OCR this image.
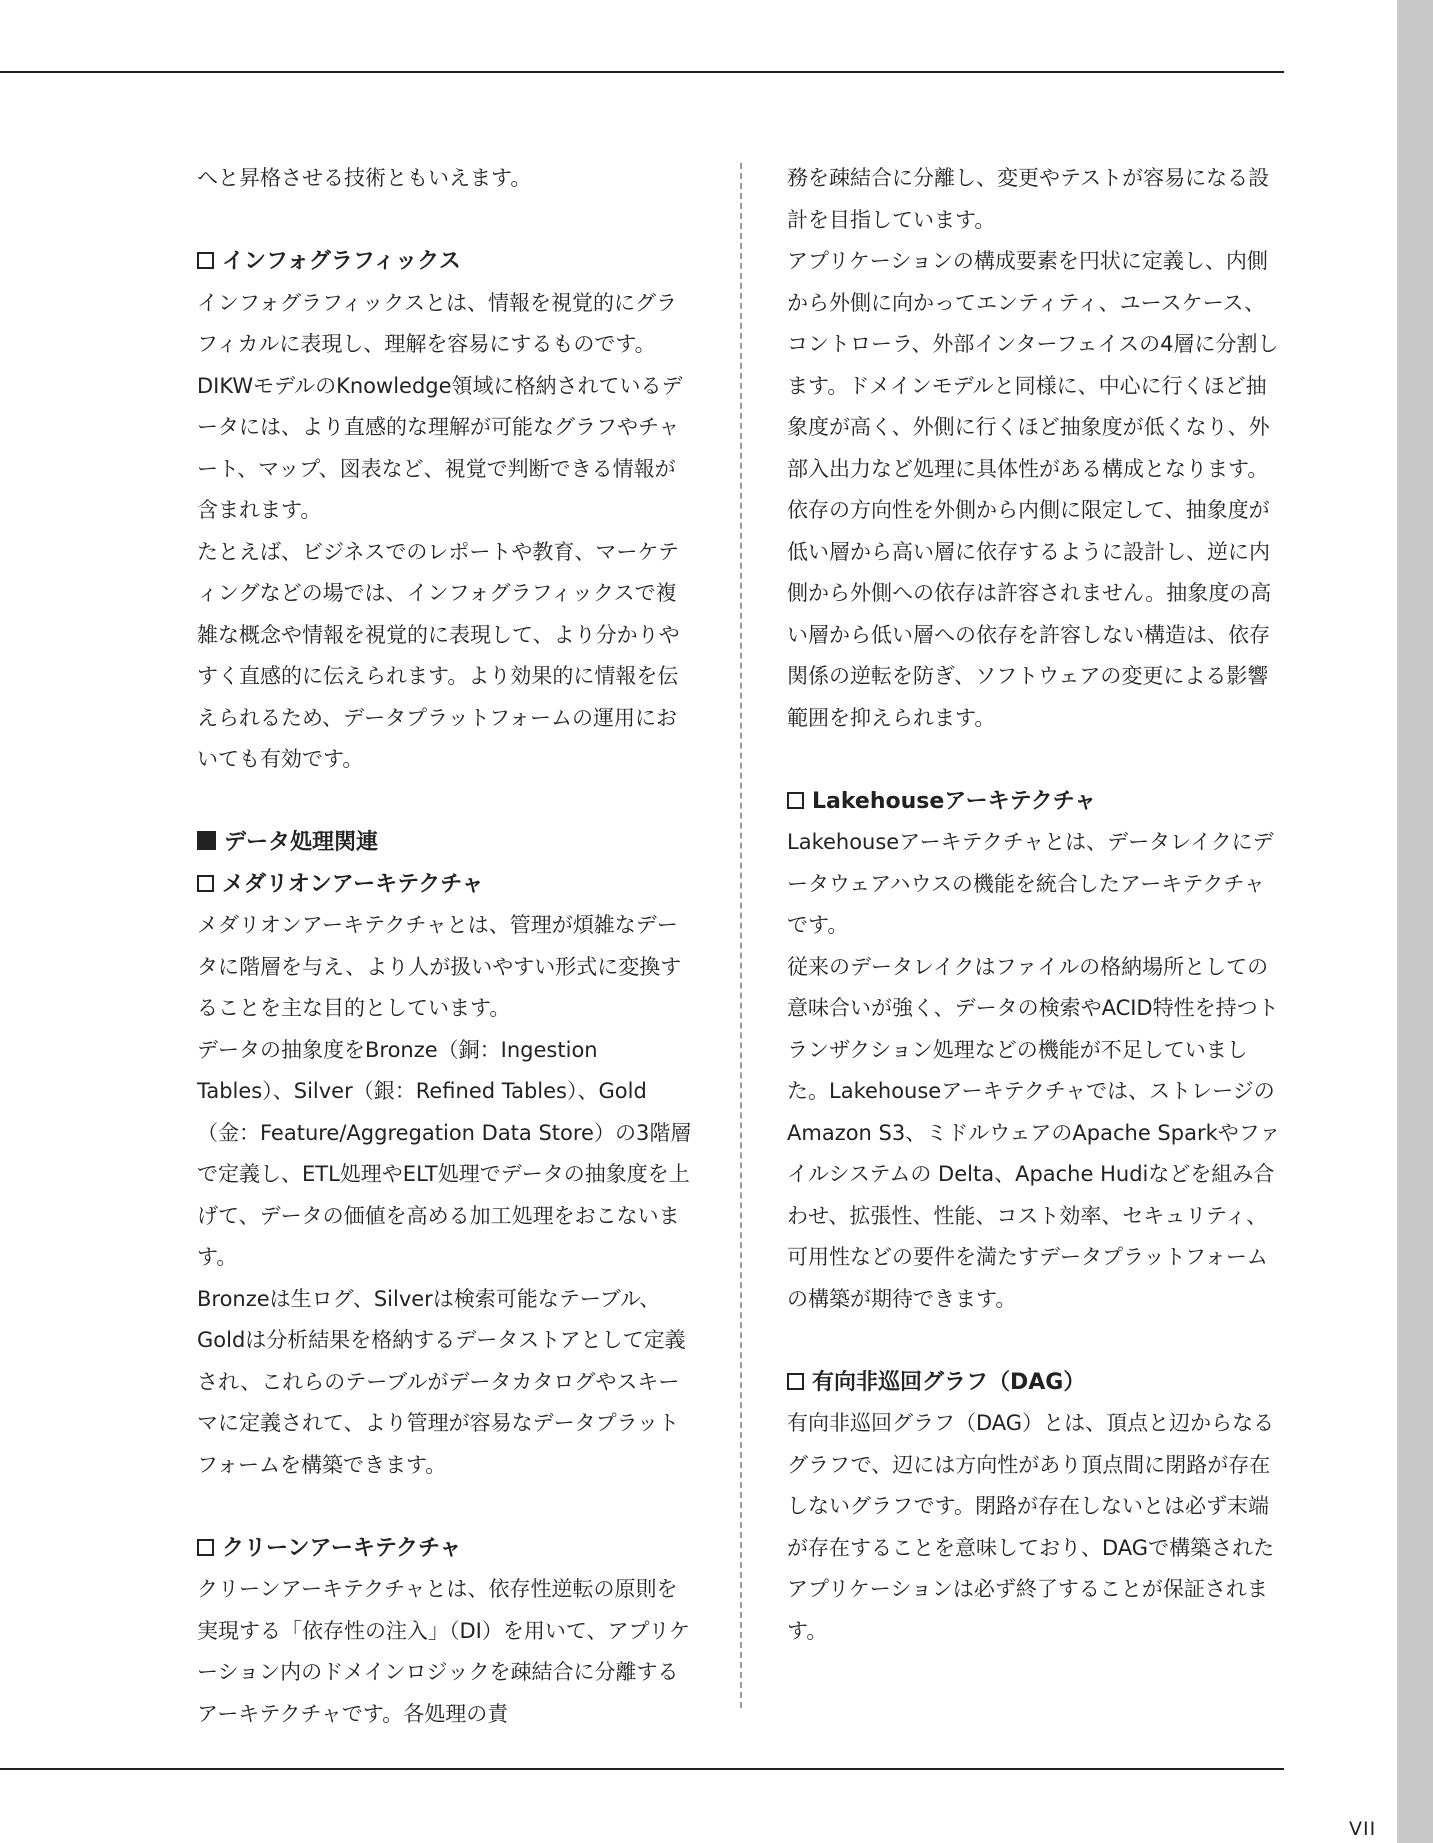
へと昇格させる技術ともいえます。

インフォグラフィックス

インフォグラフィックスとは、情報を視覚的にグラフィカルに表現し、理解を容易にするものです。DIKWモデルのKnowledge領域に格納されているデータには、より直感的な理解が可能なグラフやチャート、マップ、図表など、視覚で判断できる情報が含まれます。

たとえば、ビジネスでのレポートや教育、マーケティングなどの場では、インフォグラフィックスで複雑な概念や情報を視覚的に表現して、より分かりやすく直感的に伝えられます。より効果的に情報を伝えられるため、データプラットフォームの運用においても有効です。

データ処理関連

メダリオンアーキテクチャ

メダリオンアーキテクチャとは、管理が煩雑なデータに階層を与え、より人が扱いやすい形式に変換することを主な目的としています。

データの抽象度をBronze（銅：Ingestion Tables）、Silver（銀：Refined Tables）、Gold（金：Feature/Aggregation Data Store）の3階層で定義し、ETL処理やELT処理でデータの抽象度を上げて、データの価値を高める加工処理をおこないます。

Bronzeは生ログ、Silverは検索可能なテーブル、Goldは分析結果を格納するデータストアとして定義され、これらのテーブルがデータカタログやスキーマに定義されて、より管理が容易なデータプラットフォームを構築できます。

クリーンアーキテクチャ

クリーンアーキテクチャとは、依存性逆転の原則を実現する「依存性の注入」（DI）を用いて、アプリケーション内のドメインロジックを疎結合に分離するアーキテクチャです。各処理の責

務を疎結合に分離し、変更やテストが容易になる設計を目指しています。

アプリケーションの構成要素を円状に定義し、内側から外側に向かってエンティティ、ユースケース、コントローラ、外部インターフェイスの4層に分割します。ドメインモデルと同様に、中心に行くほど抽象度が高く、外側に行くほど抽象度が低くなり、外部入出力など処理に具体性がある構成となります。

依存の方向性を外側から内側に限定して、抽象度が低い層から高い層に依存するように設計し、逆に内側から外側への依存は許容されません。抽象度の高い層から低い層への依存を許容しない構造は、依存関係の逆転を防ぎ、ソフトウェアの変更による影響範囲を抑えられます。

Lakehouseアーキテクチャ

Lakehouseアーキテクチャとは、データレイクにデータウェアハウスの機能を統合したアーキテクチャです。

従来のデータレイクはファイルの格納場所としての意味合いが強く、データの検索やACID特性を持つトランザクション処理などの機能が不足していました。Lakehouseアーキテクチャでは、ストレージのAmazon S3、ミドルウェアのApache Sparkやファイルシステムの Delta、Apache Hudiなどを組み合わせ、拡張性、性能、コスト効率、セキュリティ、可用性などの要件を満たすデータプラットフォームの構築が期待できます。

有向非巡回グラフ（DAG）

有向非巡回グラフ（DAG）とは、頂点と辺からなるグラフで、辺には方向性があり頂点間に閉路が存在しないグラフです。閉路が存在しないとは必ず末端が存在することを意味しており、DAGで構築されたアプリケーションは必ず終了することが保証されます。

VII
